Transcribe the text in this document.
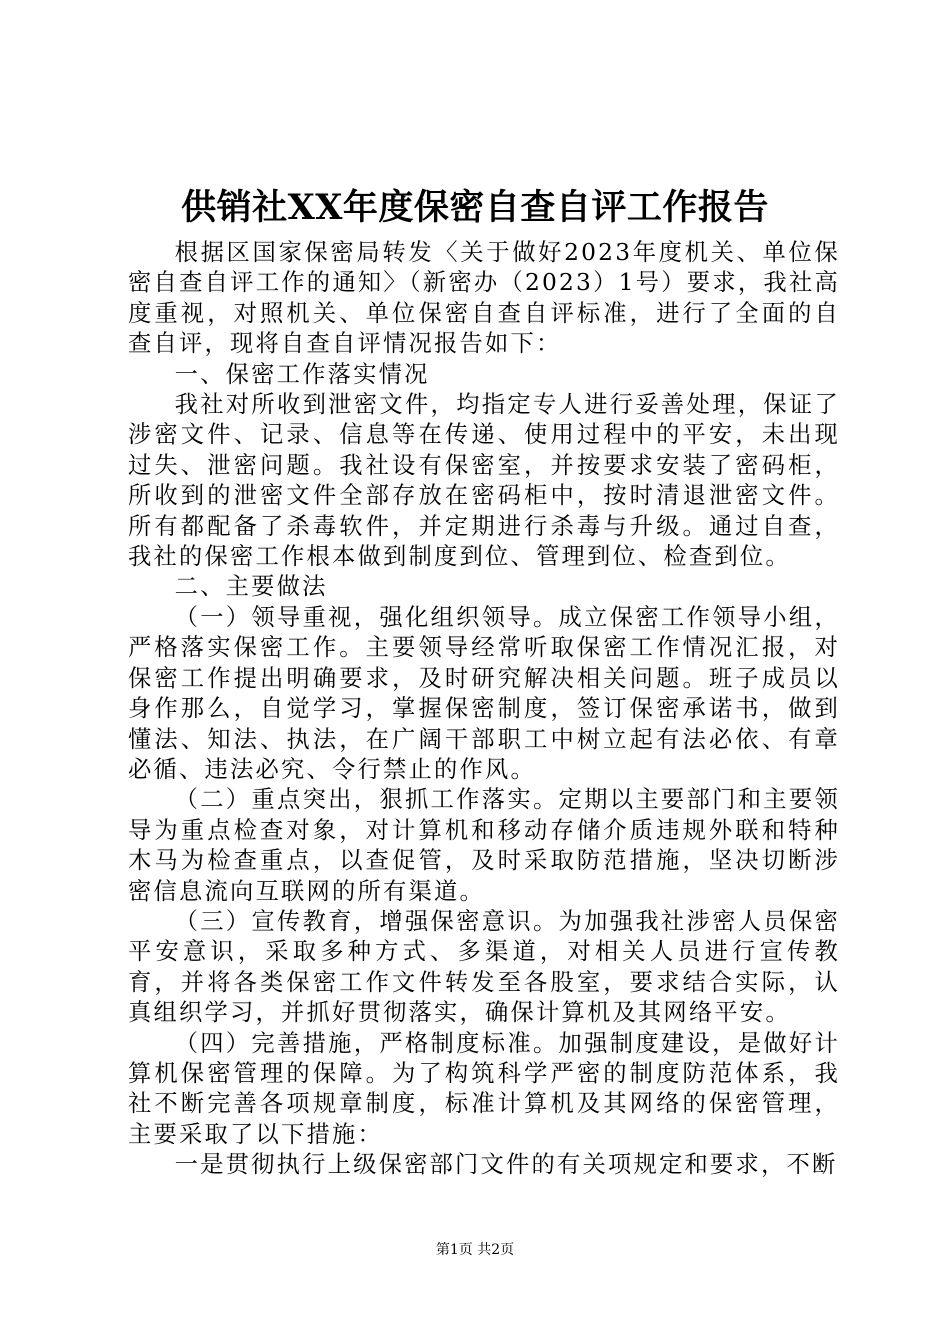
供销社XX年度保密自查自评工作报告

根据区国家保密局转发〈关于做好2023年度机关、单位保密自查自评工作的通知〉（新密办（2023）1号）要求，我社高度重视，对照机关、单位保密自查自评标准，进行了全面的自查自评，现将自查自评情况报告如下：

一、保密工作落实情况

我社对所收到泄密文件，均指定专人进行妥善处理，保证了涉密文件、记录、信息等在传递、使用过程中的平安，未出现过失、泄密问题。我社设有保密室，并按要求安装了密码柜，所收到的泄密文件全部存放在密码柜中，按时清退泄密文件。所有都配备了杀毒软件，并定期进行杀毒与升级。通过自查，我社的保密工作根本做到制度到位、管理到位、检查到位。

二、主要做法

（一）领导重视，强化组织领导。成立保密工作领导小组，严格落实保密工作。主要领导经常听取保密工作情况汇报，对保密工作提出明确要求，及时研究解决相关问题。班子成员以身作那么，自觉学习，掌握保密制度，签订保密承诺书，做到懂法、知法、执法，在广阔干部职工中树立起有法必依、有章必循、违法必究、令行禁止的作风。

（二）重点突出，狠抓工作落实。定期以主要部门和主要领导为重点检查对象，对计算机和移动存储介质违规外联和特种木马为检查重点，以查促管，及时采取防范措施，坚决切断涉密信息流向互联网的所有渠道。

（三）宣传教育，增强保密意识。为加强我社涉密人员保密平安意识，采取多种方式、多渠道，对相关人员进行宣传教育，并将各类保密工作文件转发至各股室，要求结合实际，认真组织学习，并抓好贯彻落实，确保计算机及其网络平安。

（四）完善措施，严格制度标准。加强制度建设，是做好计算机保密管理的保障。为了构筑科学严密的制度防范体系，我社不断完善各项规章制度，标准计算机及其网络的保密管理，主要采取了以下措施：

一是贯彻执行上级保密部门文件的有关项规定和要求，不断

第1页 共2页
